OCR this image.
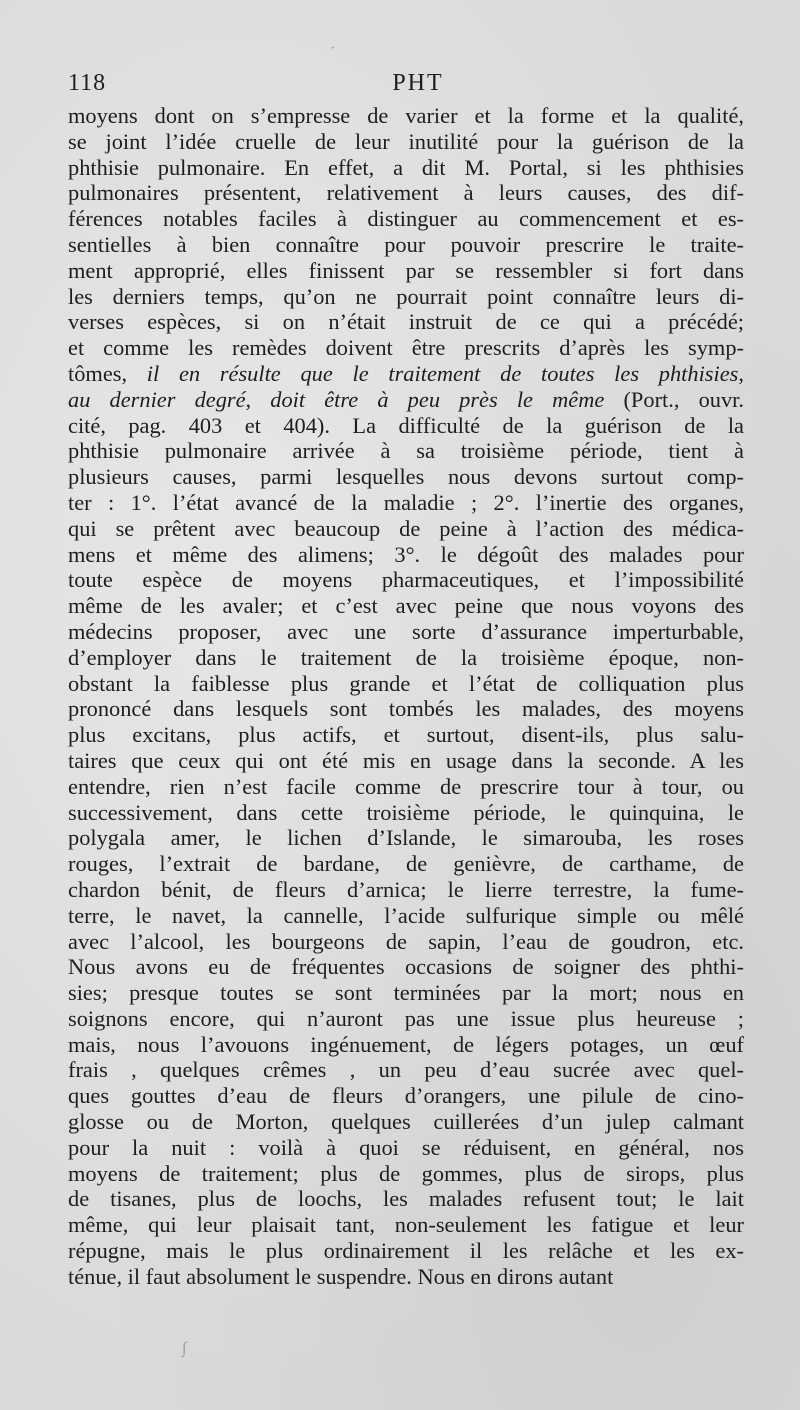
118	PHT
moyens dont on s’empresse de varier et la forme et la qualité,
se joint l’idée cruelle de leur inutilité pour la guérison de la
phthisie pulmonaire. En effet, a dit M. Portal, si les phthisies
pulmonaires présentent, relativement à leurs causes, des dif-
férences notables faciles à distinguer au commencement et es-
sentielles à bien connaître pour pouvoir prescrire le traite-
ment approprié, elles finissent par se ressembler si fort dans
les derniers temps, qu’on ne pourrait point connaître leurs di-
verses espèces, si on n’était instruit de ce qui a précédé;
et comme les remèdes doivent être prescrits d’après les symp-
tômes, il en résulte que le traitement de toutes les phthisies,
au dernier degré, doit être à peu près le même (Port., ouvr.
cité, pag. 403 et 404). La difficulté de la guérison de la
phthisie pulmonaire arrivée à sa troisième période, tient à
plusieurs causes, parmi lesquelles nous devons surtout comp-
ter : 1°. l’état avancé de la maladie ; 2°. l’inertie des organes,
qui se prêtent avec beaucoup de peine à l’action des médica-
mens et même des alimens; 3°. le dégoût des malades pour
toute espèce de moyens pharmaceutiques, et l’impossibilité
même de les avaler; et c’est avec peine que nous voyons des
médecins proposer, avec une sorte d’assurance imperturbable,
d’employer dans le traitement de la troisième époque, non-
obstant la faiblesse plus grande et l’état de colliquation plus
prononcé dans lesquels sont tombés les malades, des moyens
plus excitans, plus actifs, et surtout, disent-ils, plus salu-
taires que ceux qui ont été mis en usage dans la seconde. A les
entendre, rien n’est facile comme de prescrire tour à tour, ou
successivement, dans cette troisième période, le quinquina, le
polygala amer, le lichen d’Islande, le simarouba, les roses
rouges, l’extrait de bardane, de genièvre, de carthame, de
chardon bénit, de fleurs d’arnica; le lierre terrestre, la fume-
terre, le navet, la cannelle, l’acide sulfurique simple ou mêlé
avec l’alcool, les bourgeons de sapin, l’eau de goudron, etc.
Nous avons eu de fréquentes occasions de soigner des phthi-
sies; presque toutes se sont terminées par la mort; nous en
soignons encore, qui n’auront pas une issue plus heureuse ;
mais, nous l’avouons ingénuement, de légers potages, un œuf
frais , quelques crêmes , un peu d’eau sucrée avec quel-
ques gouttes d’eau de fleurs d’orangers, une pilule de cino-
glosse ou de Morton, quelques cuillerées d’un julep calmant
pour la nuit : voilà à quoi se réduisent, en général, nos
moyens de traitement; plus de gommes, plus de sirops, plus
de tisanes, plus de loochs, les malades refusent tout; le lait
même, qui leur plaisait tant, non-seulement les fatigue et leur
répugne, mais le plus ordinairement il les relâche et les ex-
ténue, il faut absolument le suspendre. Nous en dirons autant
·
∫
